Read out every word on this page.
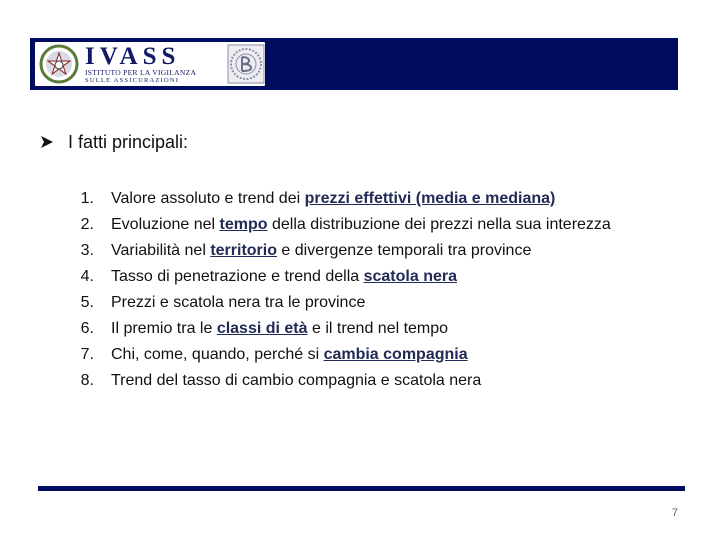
IVASS
ISTITUTO PER LA VIGILANZA
SULLE ASSICURAZIONI
I fatti principali:
1. Valore assoluto e trend dei prezzi effettivi (media e mediana)
2. Evoluzione nel tempo della distribuzione dei prezzi nella sua interezza
3. Variabilità nel territorio e divergenze temporali tra province
4. Tasso di penetrazione e trend della scatola nera
5. Prezzi e scatola nera tra le province
6. Il premio tra le classi di età e il trend nel tempo
7. Chi, come, quando, perché si cambia compagnia
8. Trend del tasso di cambio compagnia e scatola nera
7
